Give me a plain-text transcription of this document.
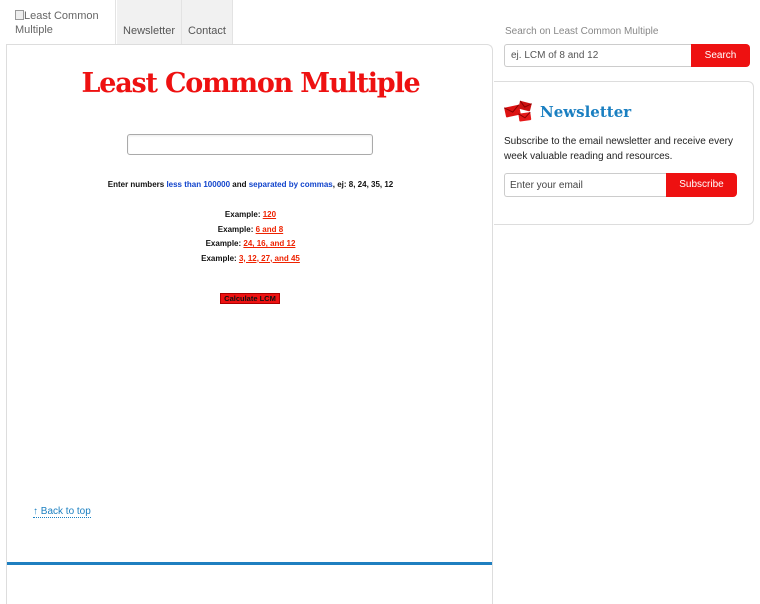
Least Common Multiple	Newsletter	Contact
Least Common Multiple
Enter numbers less than 100000 and separated by commas, ej: 8, 24, 35, 12
Example: 120
Example: 6 and 8
Example: 24, 16, and 12
Example: 3, 12, 27, and 45
Calculate LCM
↑ Back to top
Search on Least Common Multiple
ej. LCM of 8 and 12	Search
Newsletter
Subscribe to the email newsletter and receive every week valuable reading and resources.
Enter your email	Subscribe
